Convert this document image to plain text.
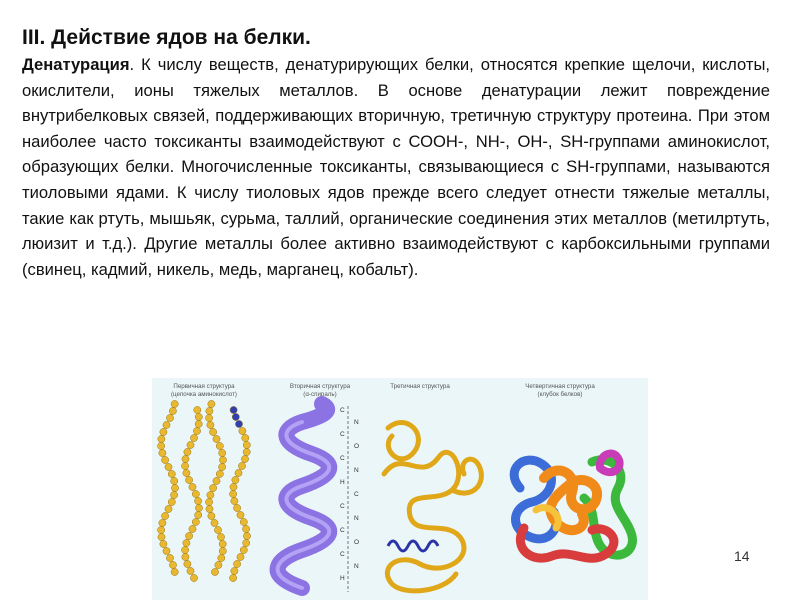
III. Действие ядов на белки.

Денатурация. К числу веществ, денатурирующих белки, относятся крепкие щелочи, кислоты, окислители, ионы тяжелых металлов. В основе денатурации лежит повреждение внутрибелковых связей, поддерживающих вторичную, третичную структуру протеина. При этом наиболее часто токсиканты взаимодействуют с СООН-, NH-, ОН-, SH-группами аминокислот, образующих белки. Многочисленные токсиканты, связывающиеся с SH-группами, называются тиоловыми ядами. К числу тиоловых ядов прежде всего следует отнести тяжелые металлы, такие как ртуть, мышьяк, сурьма, таллий, органические соединения этих металлов (метилртуть, люизит и т.д.). Другие металлы более активно взаимодействуют с карбоксильными группами (свинец, кадмий, никель, медь, марганец, кобальт).

Первичная структура
(цепочка аминокислот)
Вторичная структура
(α-спираль)
Третичная структура	Четвертичная структура
(клубок белков)
C
N
C
O
C
N
H
C
C
N
C
O
C
N
H
14
